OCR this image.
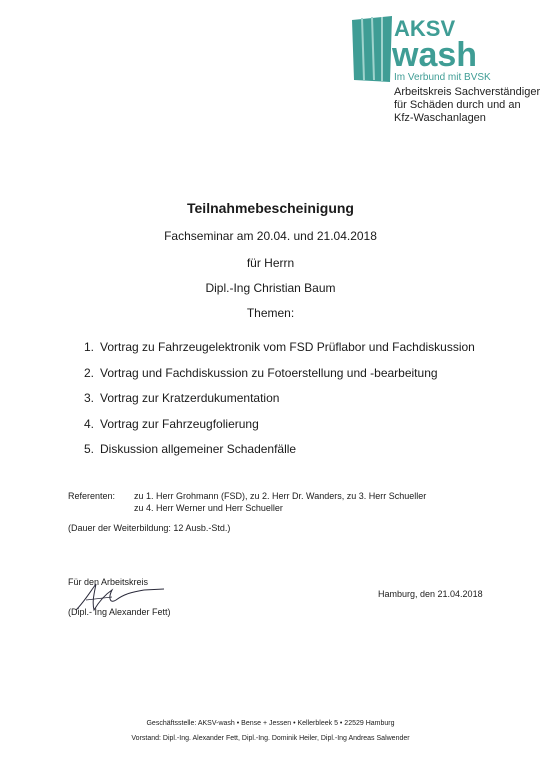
AKSV
wash
Im Verbund mit BVSK
Arbeitskreis Sachverständiger
für Schäden durch und an
Kfz-Waschanlagen
Teilnahmebescheinigung
Fachseminar am 20.04. und 21.04.2018
für Herrn
Dipl.-Ing Christian Baum
Themen:
1. Vortrag zu Fahrzeugelektronik vom FSD Prüflabor und Fachdiskussion
2. Vortrag und Fachdiskussion zu Fotoerstellung und -bearbeitung
3. Vortrag zur Kratzerdukumentation
4. Vortrag zur Fahrzeugfolierung
5. Diskussion allgemeiner Schadenfälle
Referenten: zu 1. Herr Grohmann (FSD), zu 2. Herr Dr. Wanders, zu 3. Herr Schueller
zu 4. Herr Werner und Herr Schueller
(Dauer der Weiterbildung: 12 Ausb.-Std.)
Für den Arbeitskreis
(Dipl.- Ing Alexander Fett)
Hamburg, den 21.04.2018
Geschäftsstelle: AKSV-wash • Bense + Jessen • Kellerbleek 5 • 22529 Hamburg
Vorstand: Dipl.-Ing. Alexander Fett, Dipl.-Ing. Dominik Heiler, Dipl.-Ing Andreas Salwender
